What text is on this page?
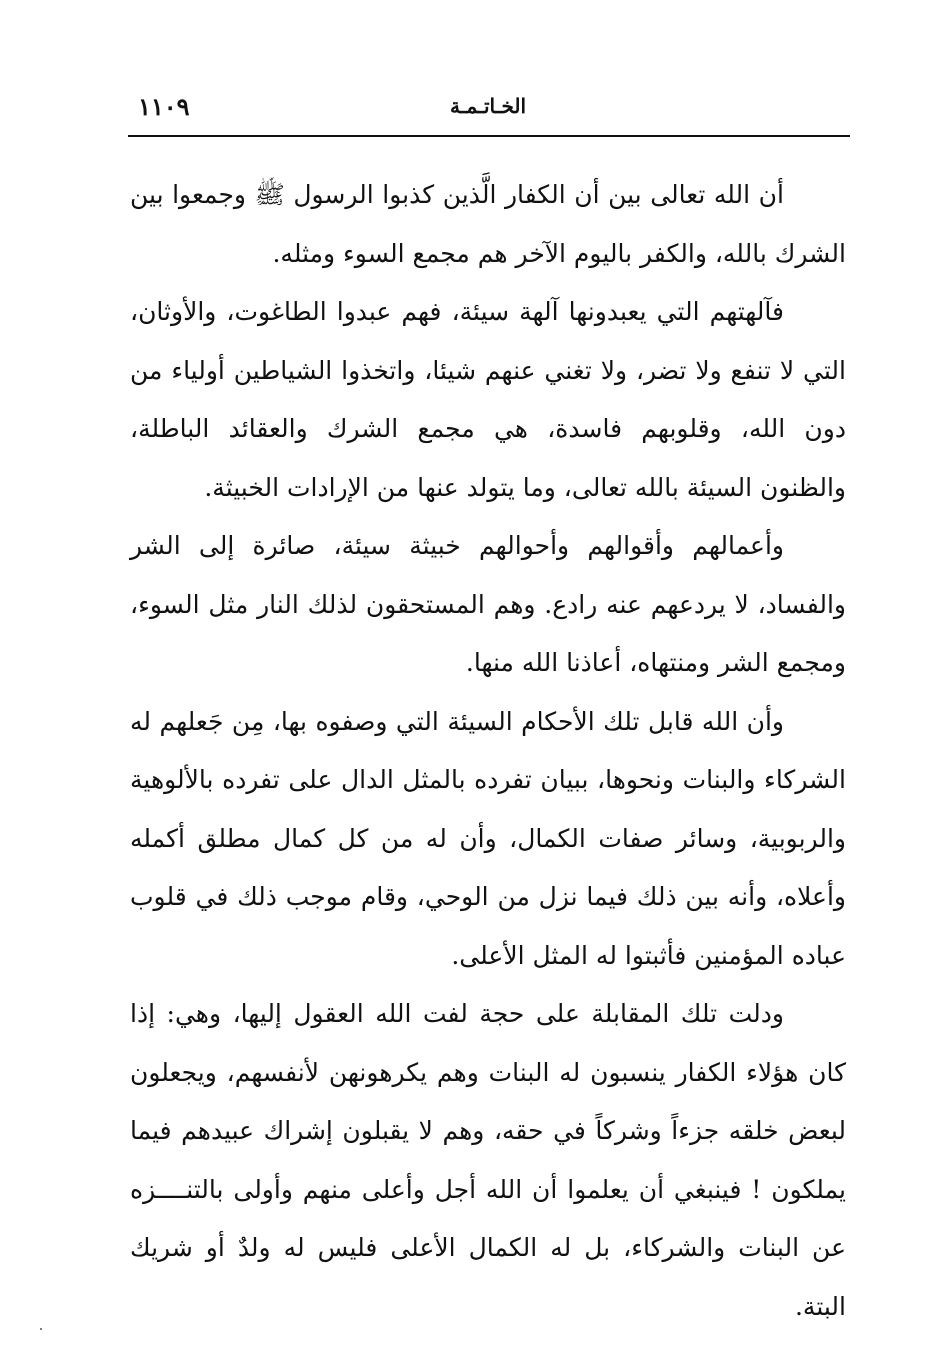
١١٠٩	الخـاتـمـة

أن الله تعالى بين أن الكفار الَّذين كذبوا الرسول ﷺ وجمعوا بين الشرك بالله، والكفر باليوم الآخر هم مجمع السوء ومثله.

فآلهتهم التي يعبدونها آلهة سيئة، فهم عبدوا الطاغوت، والأوثان، التي لا تنفع ولا تضر، ولا تغني عنهم شيئا، واتخذوا الشياطين أولياء من دون الله، وقلوبهم فاسدة، هي مجمع الشرك والعقائد الباطلة، والظنون السيئة بالله تعالى، وما يتولد عنها من الإرادات الخبيثة.

وأعمالهم وأقوالهم وأحوالهم خبيثة سيئة، صائرة إلى الشر والفساد، لا يردعهم عنه رادع. وهم المستحقون لذلك النار مثل السوء، ومجمع الشر ومنتهاه، أعاذنا الله منها.

وأن الله قابل تلك الأحكام السيئة التي وصفوه بها، مِن جَعلهم له الشركاء والبنات ونحوها، ببيان تفرده بالمثل الدال على تفرده بالألوهية والربوبية، وسائر صفات الكمال، وأن له من كل كمال مطلق أكمله وأعلاه، وأنه بين ذلك فيما نزل من الوحي، وقام موجب ذلك في قلوب عباده المؤمنين فأثبتوا له المثل الأعلى.

ودلت تلك المقابلة على حجة لفت الله العقول إليها، وهي: إذا كان هؤلاء الكفار ينسبون له البنات وهم يكرهونهن لأنفسهم، ويجعلون لبعض خلقه جزءاً وشركاً في حقه، وهم لا يقبلون إشراك عبيدهم فيما يملكون ! فينبغي أن يعلموا أن الله أجل وأعلى منهم وأولى بالتنــــزه عن البنات والشركاء، بل له الكمال الأعلى فليس له ولدٌ أو شريك البتة.
